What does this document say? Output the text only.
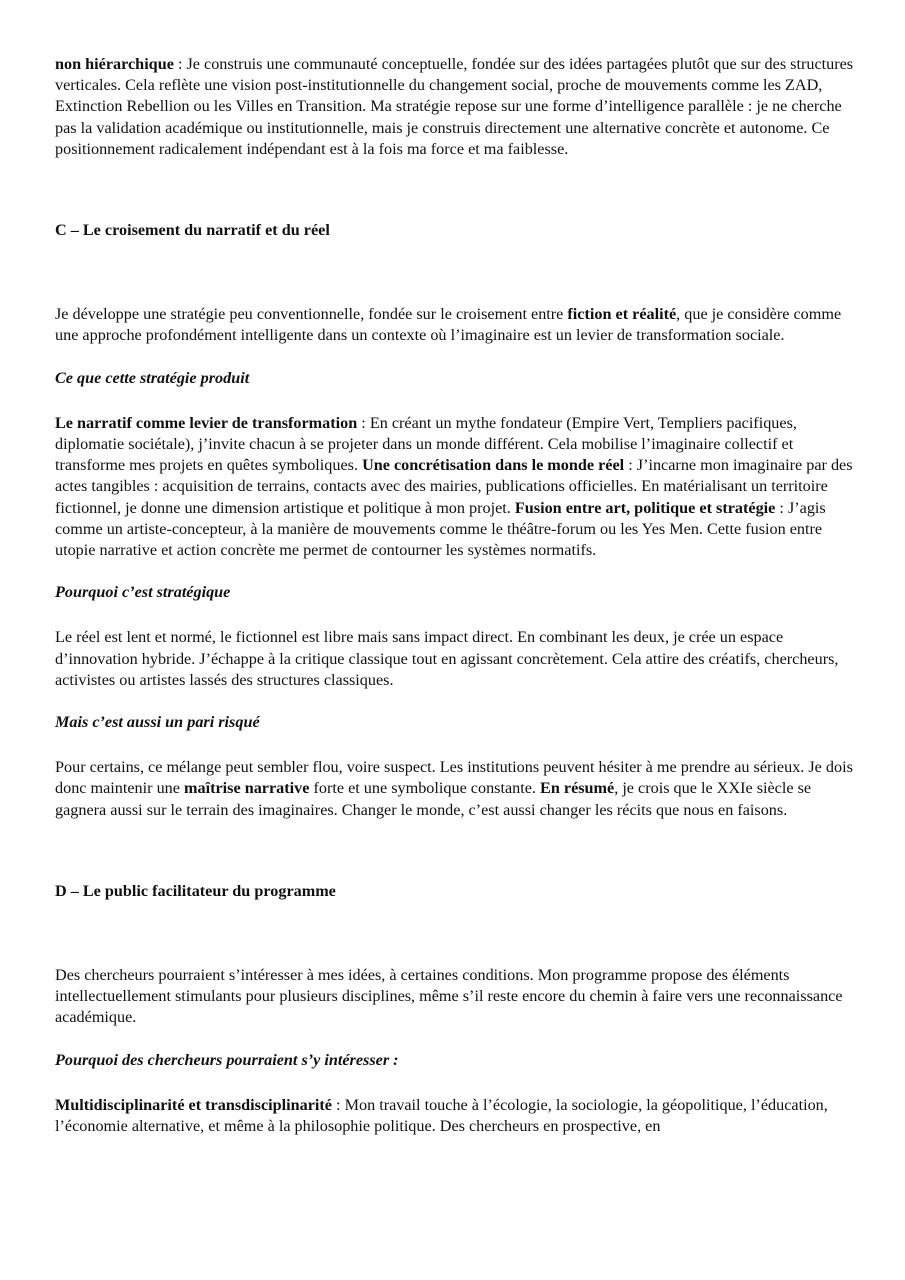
non hiérarchique : Je construis une communauté conceptuelle, fondée sur des idées partagées plutôt que sur des structures verticales. Cela reflète une vision post-institutionnelle du changement social, proche de mouvements comme les ZAD, Extinction Rebellion ou les Villes en Transition. Ma stratégie repose sur une forme d’intelligence parallèle : je ne cherche pas la validation académique ou institutionnelle, mais je construis directement une alternative concrète et autonome. Ce positionnement radicalement indépendant est à la fois ma force et ma faiblesse.

C – Le croisement du narratif et du réel

Je développe une stratégie peu conventionnelle, fondée sur le croisement entre fiction et réalité, que je considère comme une approche profondément intelligente dans un contexte où l’imaginaire est un levier de transformation sociale.

Ce que cette stratégie produit

Le narratif comme levier de transformation : En créant un mythe fondateur (Empire Vert, Templiers pacifiques, diplomatie sociétale), j’invite chacun à se projeter dans un monde différent. Cela mobilise l’imaginaire collectif et transforme mes projets en quêtes symboliques. Une concrétisation dans le monde réel : J’incarne mon imaginaire par des actes tangibles : acquisition de terrains, contacts avec des mairies, publications officielles. En matérialisant un territoire fictionnel, je donne une dimension artistique et politique à mon projet. Fusion entre art, politique et stratégie : J’agis comme un artiste-concepteur, à la manière de mouvements comme le théâtre-forum ou les Yes Men. Cette fusion entre utopie narrative et action concrète me permet de contourner les systèmes normatifs.

Pourquoi c’est stratégique

Le réel est lent et normé, le fictionnel est libre mais sans impact direct. En combinant les deux, je crée un espace d’innovation hybride. J’échappe à la critique classique tout en agissant concrètement. Cela attire des créatifs, chercheurs, activistes ou artistes lassés des structures classiques.

Mais c’est aussi un pari risqué

Pour certains, ce mélange peut sembler flou, voire suspect. Les institutions peuvent hésiter à me prendre au sérieux. Je dois donc maintenir une maîtrise narrative forte et une symbolique constante. En résumé, je crois que le XXIe siècle se gagnera aussi sur le terrain des imaginaires. Changer le monde, c’est aussi changer les récits que nous en faisons.

D – Le public facilitateur du programme

Des chercheurs pourraient s’intéresser à mes idées, à certaines conditions. Mon programme propose des éléments intellectuellement stimulants pour plusieurs disciplines, même s’il reste encore du chemin à faire vers une reconnaissance académique.

Pourquoi des chercheurs pourraient s’y intéresser :

Multidisciplinarité et transdisciplinarité : Mon travail touche à l’écologie, la sociologie, la géopolitique, l’éducation, l’économie alternative, et même à la philosophie politique. Des chercheurs en prospective, en
